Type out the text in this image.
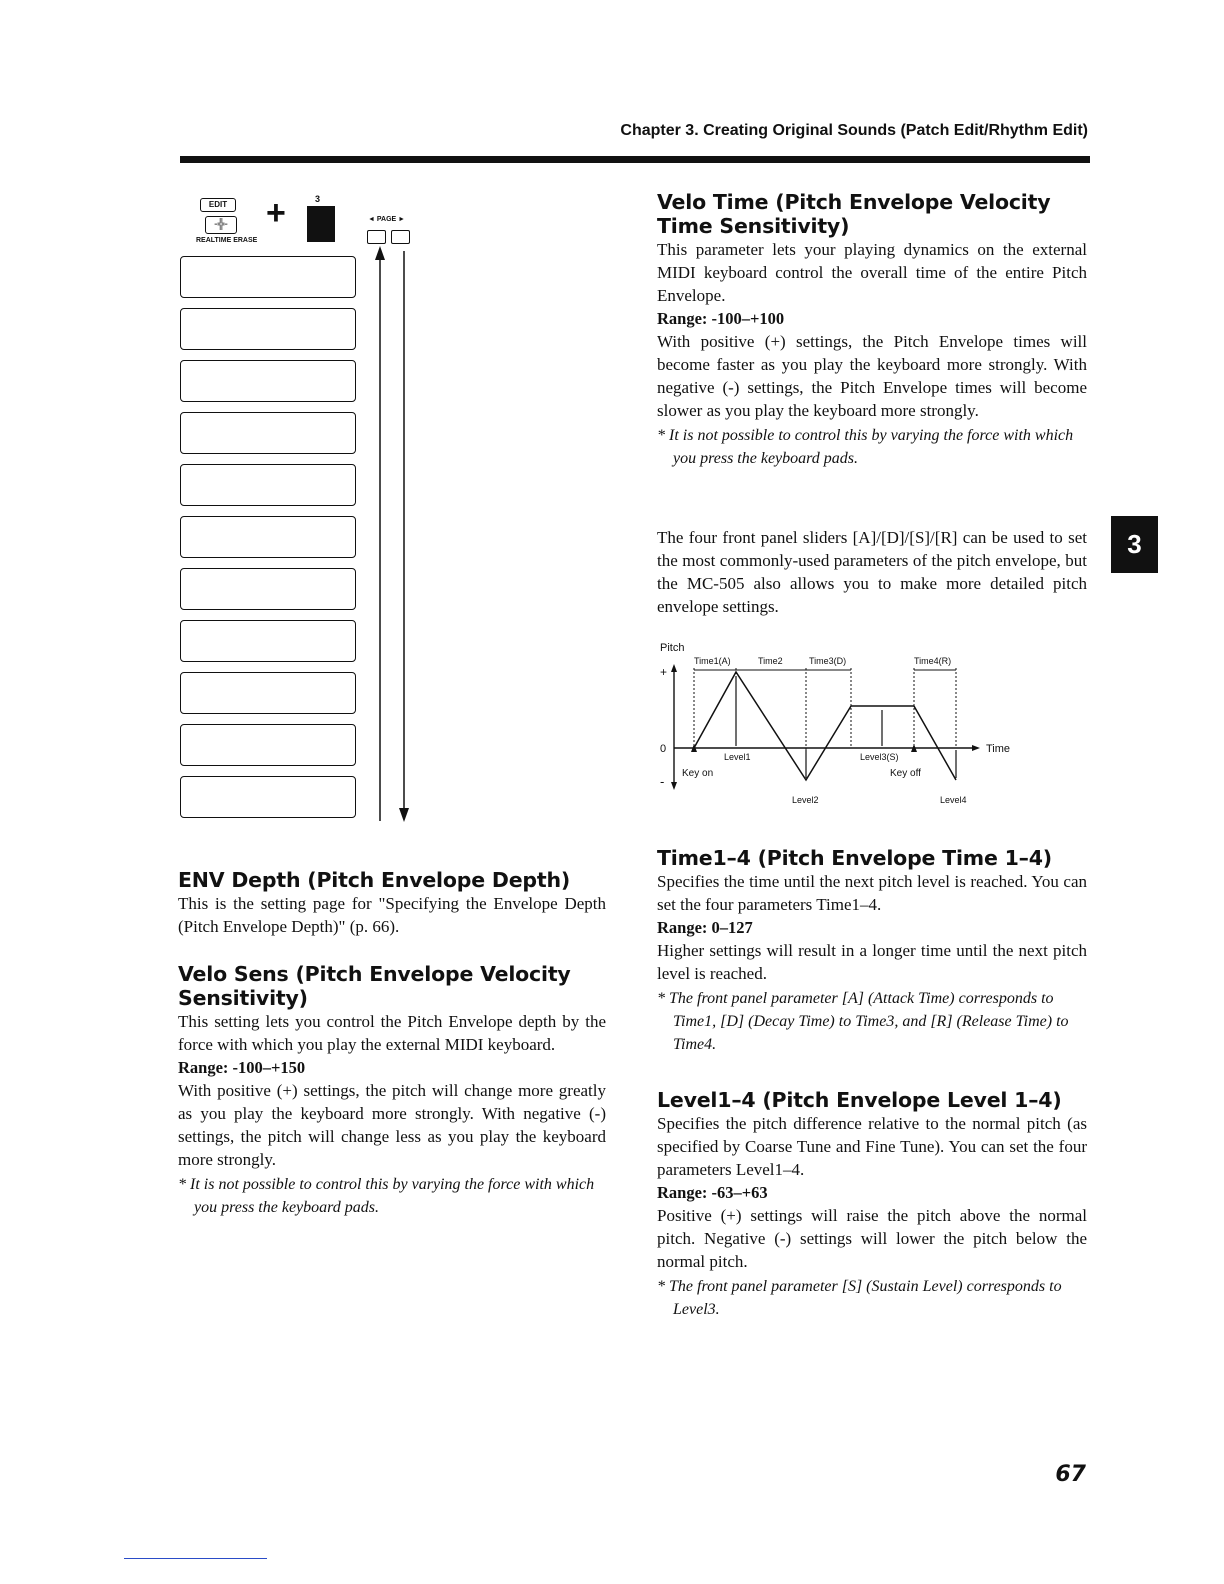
Chapter 3. Creating Original Sounds (Patch Edit/Rhythm Edit)
EDIT
-╬-
REALTIME ERASE
+	3
◄ PAGE ►

ENV Depth (Pitch Envelope Depth)

This is the setting page for "Specifying the Envelope Depth (Pitch Envelope Depth)" (p. 66).

Velo Sens (Pitch Envelope Velocity Sensitivity)

This setting lets you control the Pitch Envelope depth by the force with which you play the external MIDI keyboard.

Range: -100–+150

With positive (+) settings, the pitch will change more greatly as you play the keyboard more strongly. With negative (-) settings, the pitch will change less as you play the keyboard more strongly.

* It is not possible to control this by varying the force with which you press the keyboard pads.

Velo Time (Pitch Envelope Velocity Time Sensitivity)

This parameter lets your playing dynamics on the external MIDI keyboard control the overall time of the entire Pitch Envelope.

Range: -100–+100

With positive (+) settings, the Pitch Envelope times will become faster as you play the keyboard more strongly. With negative (-) settings, the Pitch Envelope times will become slower as you play the keyboard more strongly.

* It is not possible to control this by varying the force with which you press the keyboard pads.

The four front panel sliders [A]/[D]/[S]/[R] can be used to set the most commonly-used parameters of the pitch envelope, but the MC-505 also allows you to make more detailed pitch envelope settings.

Pitch
+
0
-
Time
Time1(A)	Time2	Time3(D)	Time4(R)
Level1
Level2
Level3(S)
Level4
Key on	Key off
Time1–4 (Pitch Envelope Time 1–4)

Specifies the time until the next pitch level is reached. You can set the four parameters Time1–4.

Range: 0–127

Higher settings will result in a longer time until the next pitch level is reached.

* The front panel parameter [A] (Attack Time) corresponds to Time1, [D] (Decay Time) to Time3, and [R] (Release Time) to Time4.

Level1–4 (Pitch Envelope Level 1–4)

Specifies the pitch difference relative to the normal pitch (as specified by Coarse Tune and Fine Tune). You can set the four parameters Level1–4.

Range: -63–+63

Positive (+) settings will raise the pitch above the normal pitch. Negative (-) settings will lower the pitch below the normal pitch.

* The front panel parameter [S] (Sustain Level) corresponds to Level3.

3
67
